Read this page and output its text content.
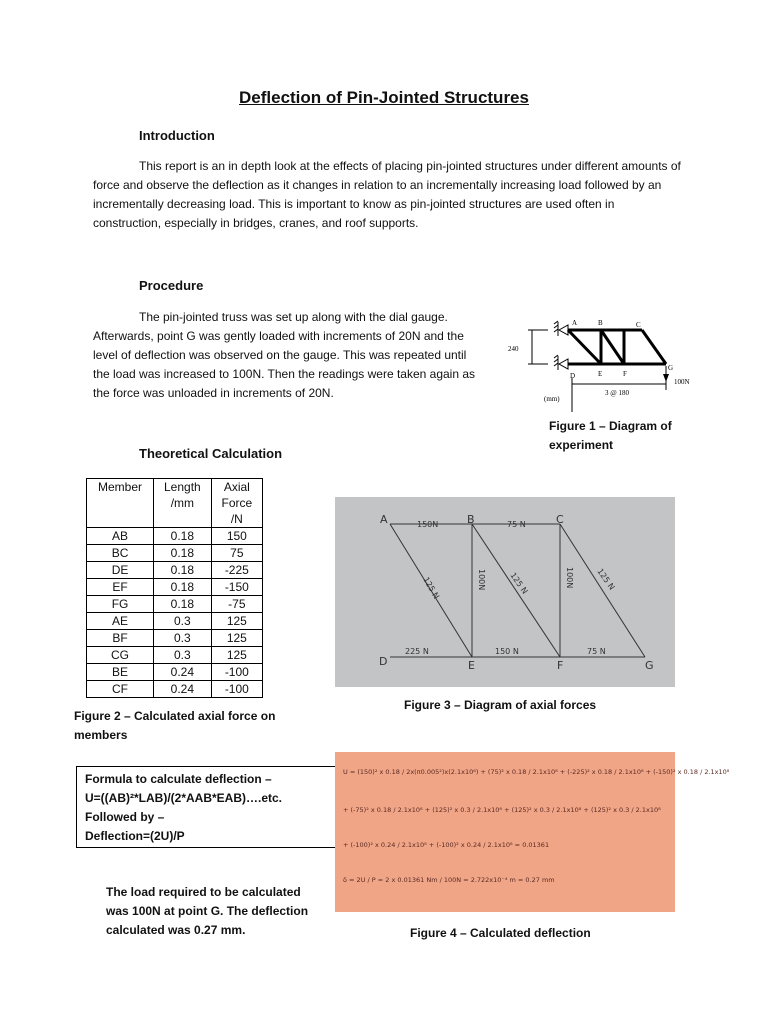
Deflection of Pin-Jointed Structures
Introduction

This report is an in depth look at the effects of placing pin-jointed structures under different amounts of force and observe the deflection as it changes in relation to an incrementally increasing load followed by an incrementally decreasing load. This is important to know as pin-jointed structures are used often in construction, especially in bridges, cranes, and roof supports.

Procedure

The pin-jointed truss was set up along with the dial gauge. Afterwards, point G was gently loaded with increments of 20N and the level of deflection was observed on the gauge. This was repeated until the load was increased to 100N. Then the readings were taken again as the force was unloaded in increments of 20N.

A	B	C
D	E	F
G
240
3 @ 180
(mm)
100N
Figure 1 – Diagram of experiment
Theoretical Calculation
Member	Length /mm	Axial Force /N
AB	0.18	150
BC	0.18	75
DE	0.18	-225
EF	0.18	-150
FG	0.18	-75
AE	0.3	125
BF	0.3	125
CG	0.3	125
BE	0.24	-100
CF	0.24	-100
Figure 2 – Calculated axial force on members
A	B	C
D	E	F	G
150N	75 N
125 N	100N	125 N	100N	125 N
225 N	150 N	75 N
Figure 3 – Diagram of axial forces
Formula to calculate deflection –
U=((AB)²*LAB)/(2*AAB*EAB)….etc.
Followed by –
Deflection=(2U)/P
The load required to be calculated was 100N at point G. The deflection calculated was 0.27 mm.
U = (150)² x 0.18 / 2x(π0.005²)x(2.1x10⁸) + (75)² x 0.18 / 2.1x10⁸ + (-225)² x 0.18 / 2.1x10⁸ + (-150)² x 0.18 / 2.1x10⁸
+ (-75)² x 0.18 / 2.1x10⁸ + (125)² x 0.3 / 2.1x10⁸ + (125)² x 0.3 / 2.1x10⁸ + (125)² x 0.3 / 2.1x10⁸
+ (-100)² x 0.24 / 2.1x10⁸ + (-100)² x 0.24 / 2.1x10⁸ = 0.01361
δ = 2U / P = 2 x 0.01361 Nm / 100N = 2.722x10⁻⁴ m = 0.27 mm
Figure 4 – Calculated deflection
